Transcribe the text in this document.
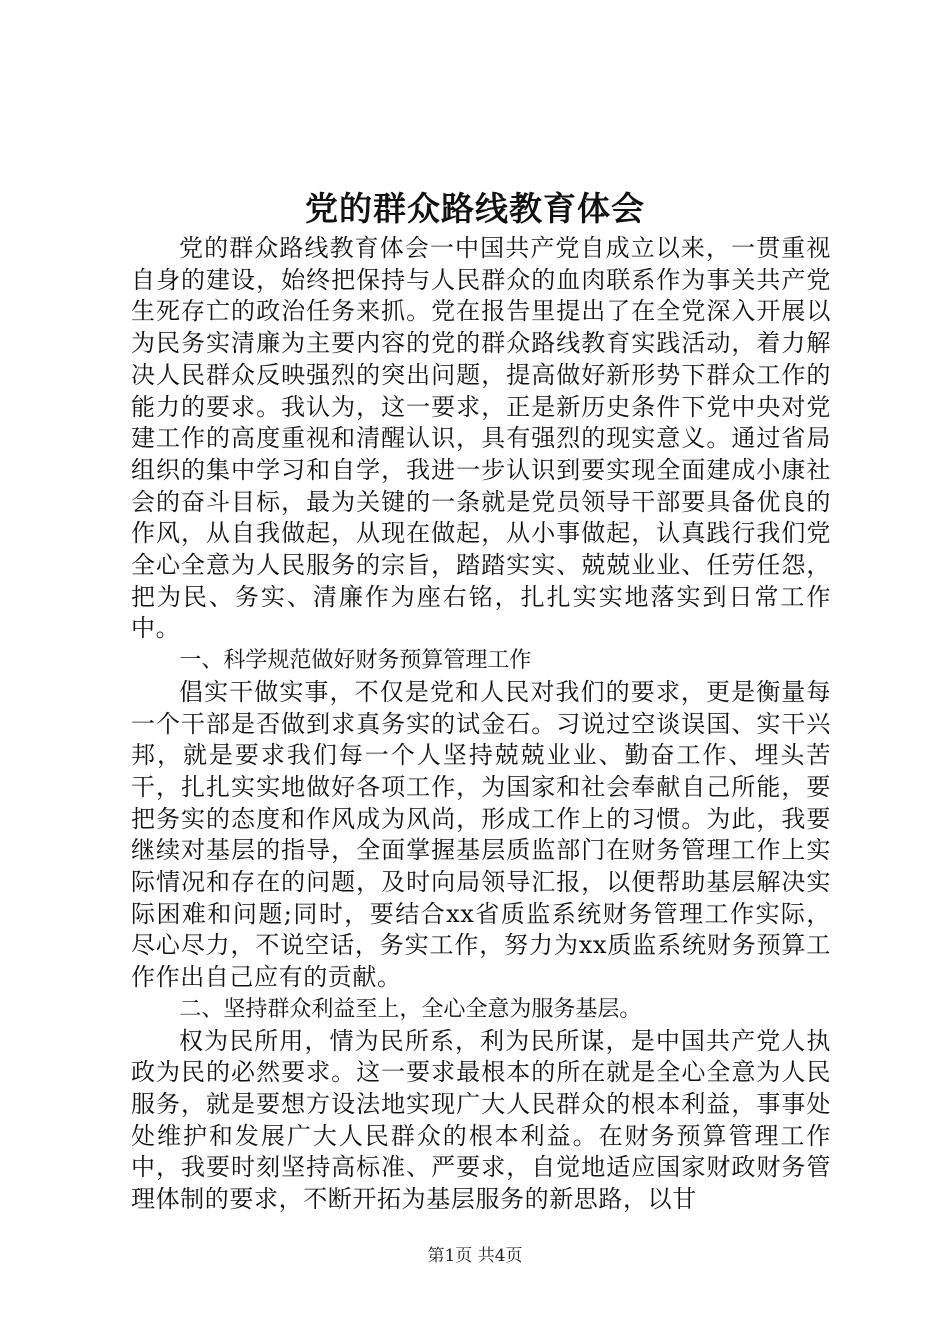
党的群众路线教育体会

党的群众路线教育体会一中国共产党自成立以来，一贯重视自身的建设，始终把保持与人民群众的血肉联系作为事关共产党生死存亡的政治任务来抓。党在报告里提出了在全党深入开展以为民务实清廉为主要内容的党的群众路线教育实践活动，着力解决人民群众反映强烈的突出问题，提高做好新形势下群众工作的能力的要求。我认为，这一要求，正是新历史条件下党中央对党建工作的高度重视和清醒认识，具有强烈的现实意义。通过省局组织的集中学习和自学，我进一步认识到要实现全面建成小康社会的奋斗目标，最为关键的一条就是党员领导干部要具备优良的作风，从自我做起，从现在做起，从小事做起，认真践行我们党全心全意为人民服务的宗旨，踏踏实实、兢兢业业、任劳任怨，把为民、务实、清廉作为座右铭，扎扎实实地落实到日常工作中。

一、科学规范做好财务预算管理工作

倡实干做实事，不仅是党和人民对我们的要求，更是衡量每一个干部是否做到求真务实的试金石。习说过空谈误国、实干兴邦，就是要求我们每一个人坚持兢兢业业、勤奋工作、埋头苦干，扎扎实实地做好各项工作，为国家和社会奉献自己所能，要把务实的态度和作风成为风尚，形成工作上的习惯。为此，我要继续对基层的指导，全面掌握基层质监部门在财务管理工作上实际情况和存在的问题，及时向局领导汇报，以便帮助基层解决实际困难和问题;同时，要结合xx省质监系统财务管理工作实际，尽心尽力，不说空话，务实工作，努力为xx质监系统财务预算工作作出自己应有的贡献。

二、坚持群众利益至上，全心全意为服务基层。

权为民所用，情为民所系，利为民所谋，是中国共产党人执政为民的必然要求。这一要求最根本的所在就是全心全意为人民服务，就是要想方设法地实现广大人民群众的根本利益，事事处处维护和发展广大人民群众的根本利益。在财务预算管理工作中，我要时刻坚持高标准、严要求，自觉地适应国家财政财务管理体制的要求，不断开拓为基层服务的新思路，以甘

第1页 共4页
